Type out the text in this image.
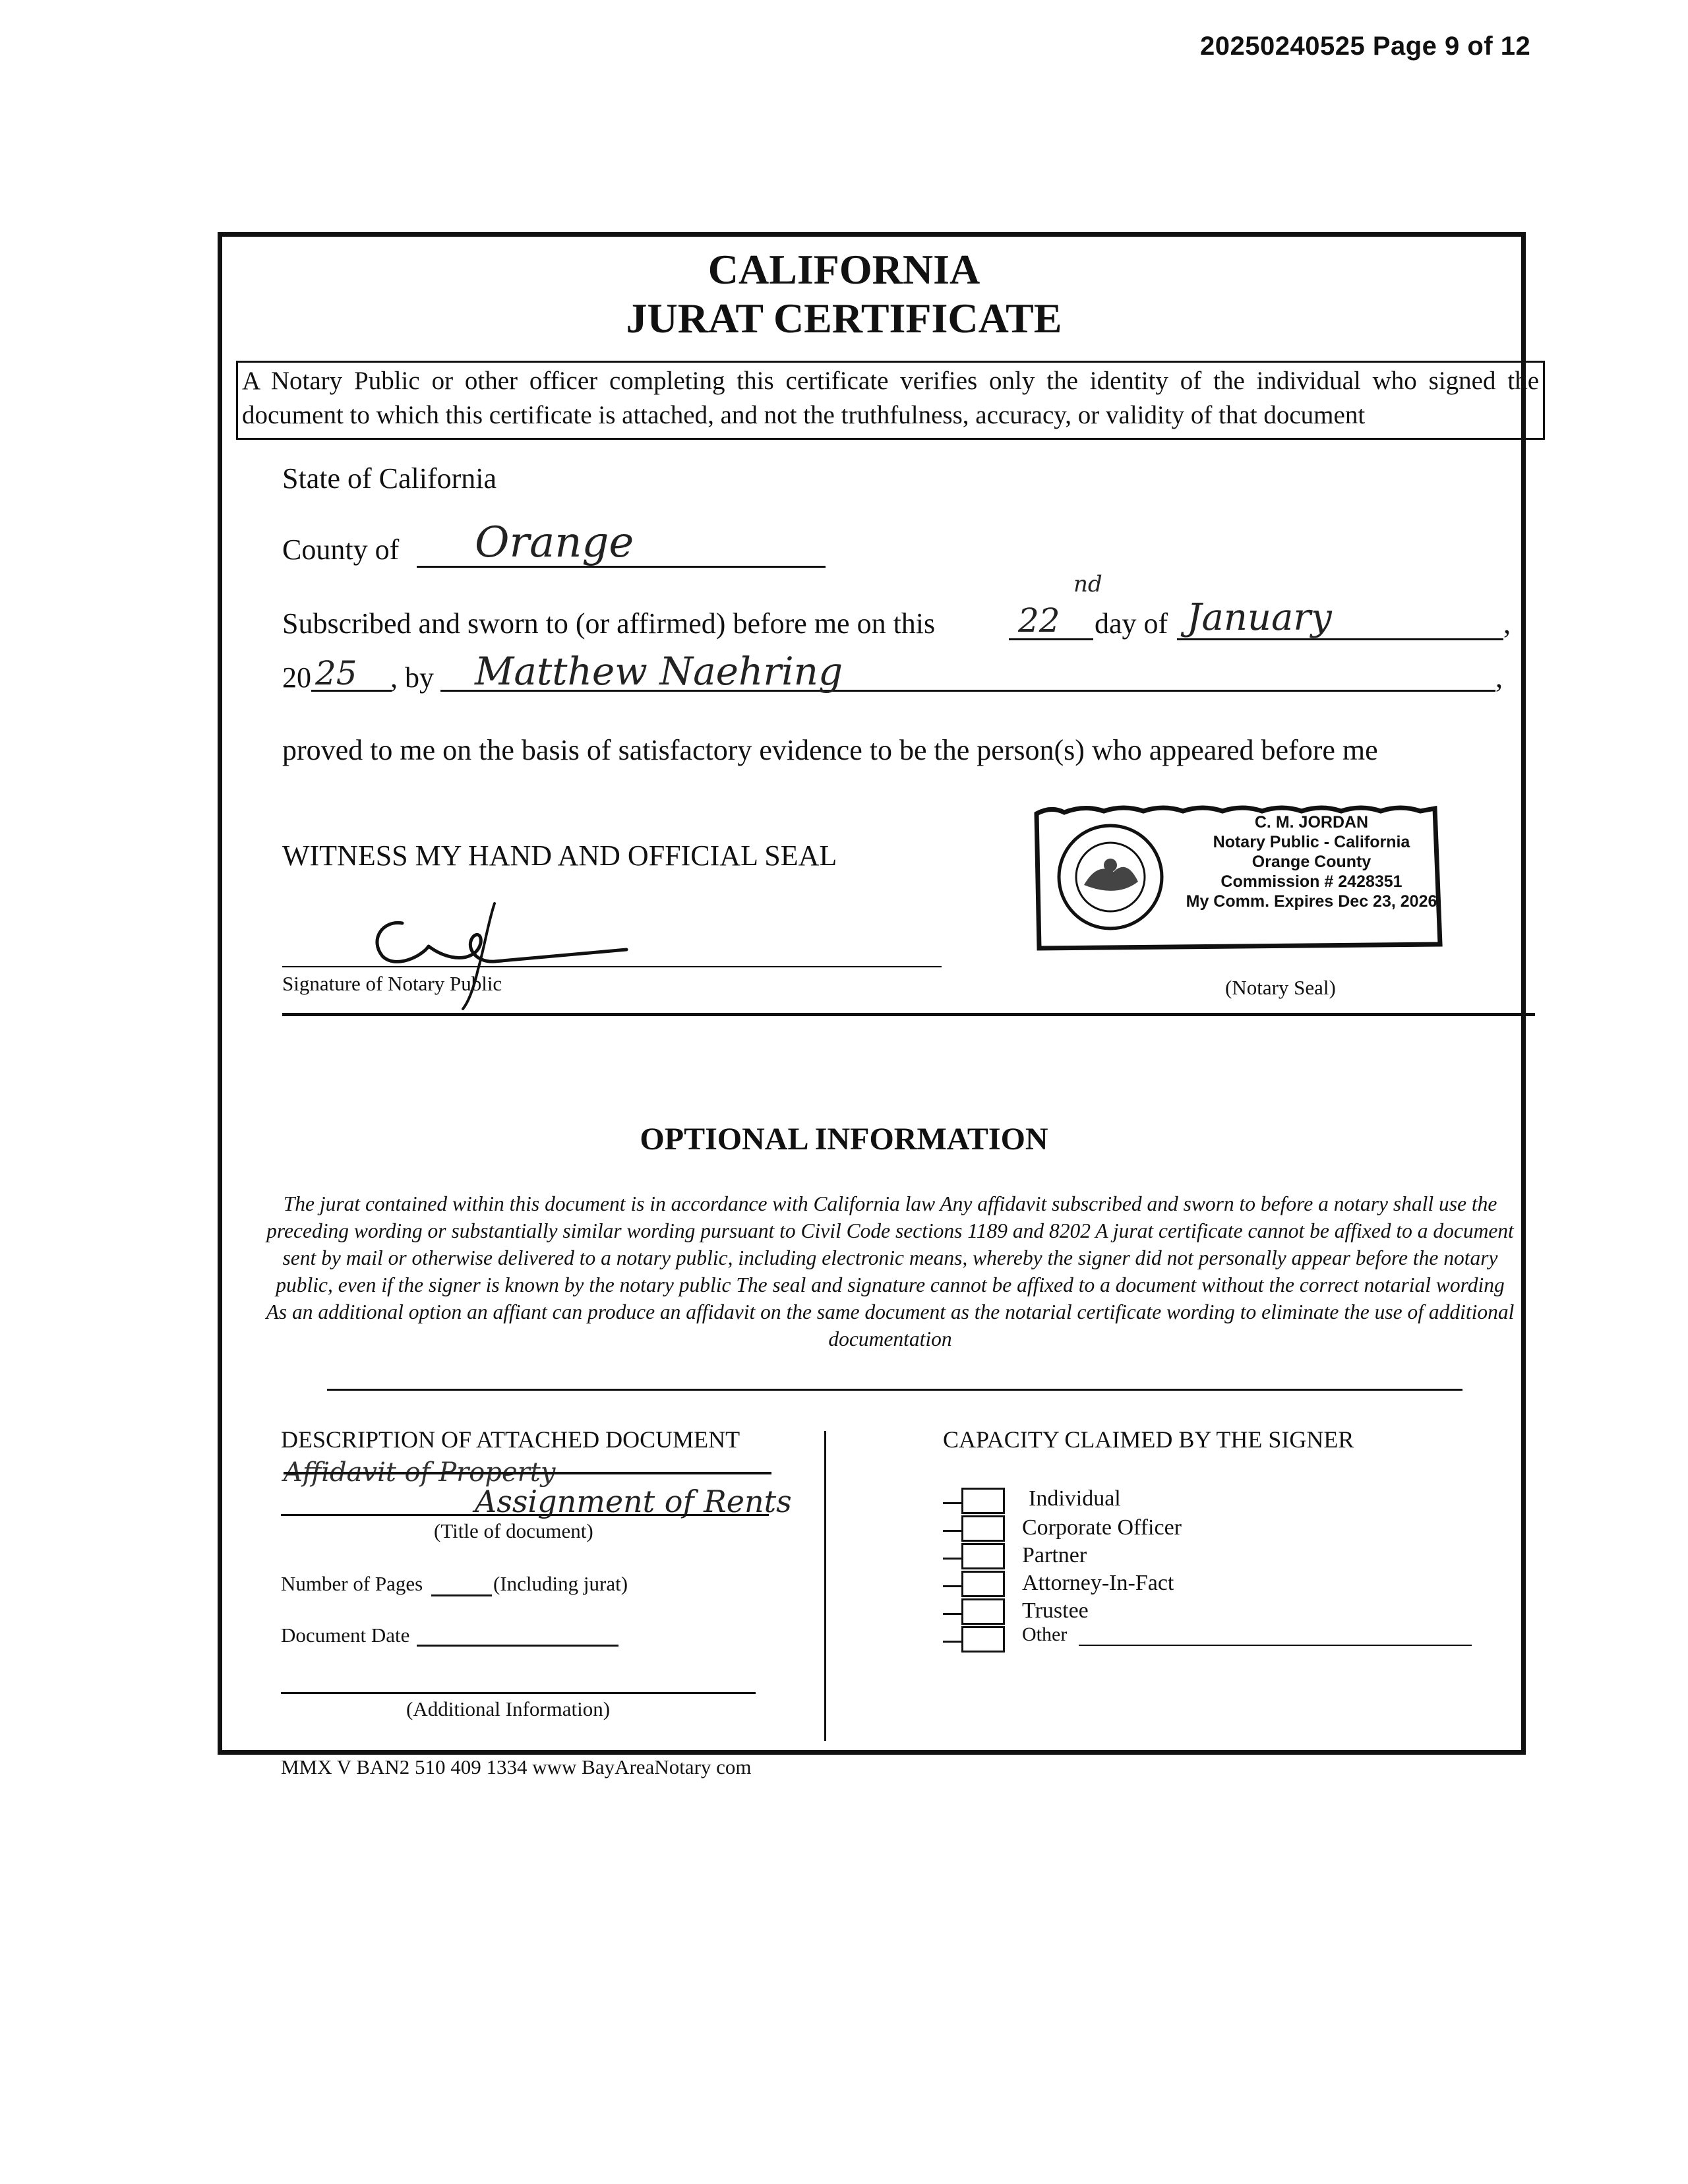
20250240525 Page 9 of 12
CALIFORNIA
JURAT CERTIFICATE
A Notary Public or other officer completing this certificate verifies only the identity of the individual who signed the document to which this certificate is attached, and not the truthfulness, accuracy, or validity of that document
State of California
County of Orange
Subscribed and sworn to (or affirmed) before me on this	22
nd
day of January	,
20 25 , by Matthew Naehring	,
proved to me on the basis of satisfactory evidence to be the person(s) who appeared before me
WITNESS MY HAND AND OFFICIAL SEAL
Signature of Notary Public	(Notary Seal)
C. M. JORDAN
Notary Public - California
Orange County
Commission # 2428351
My Comm. Expires Dec 23, 2026
OPTIONAL INFORMATION
The jurat contained within this document is in accordance with California law Any affidavit subscribed and sworn to before a notary shall use the preceding wording or substantially similar wording pursuant to Civil Code sections 1189 and 8202 A jurat certificate cannot be affixed to a document sent by mail or otherwise delivered to a notary public, including electronic means, whereby the signer did not personally appear before the notary public, even if the signer is known by the notary public The seal and signature cannot be affixed to a document without the correct notarial wording As an additional option an affiant can produce an affidavit on the same document as the notarial certificate wording to eliminate the use of additional documentation
DESCRIPTION OF ATTACHED DOCUMENT
Affidavit of Property
Assignment of Rents
(Title of document)
Number of Pages	(Including jurat)
Document Date
(Additional Information)
CAPACITY CLAIMED BY THE SIGNER
Individual
Corporate Officer
Partner
Attorney-In-Fact
Trustee
Other
MMX V BAN2 510 409 1334 www BayAreaNotary com
